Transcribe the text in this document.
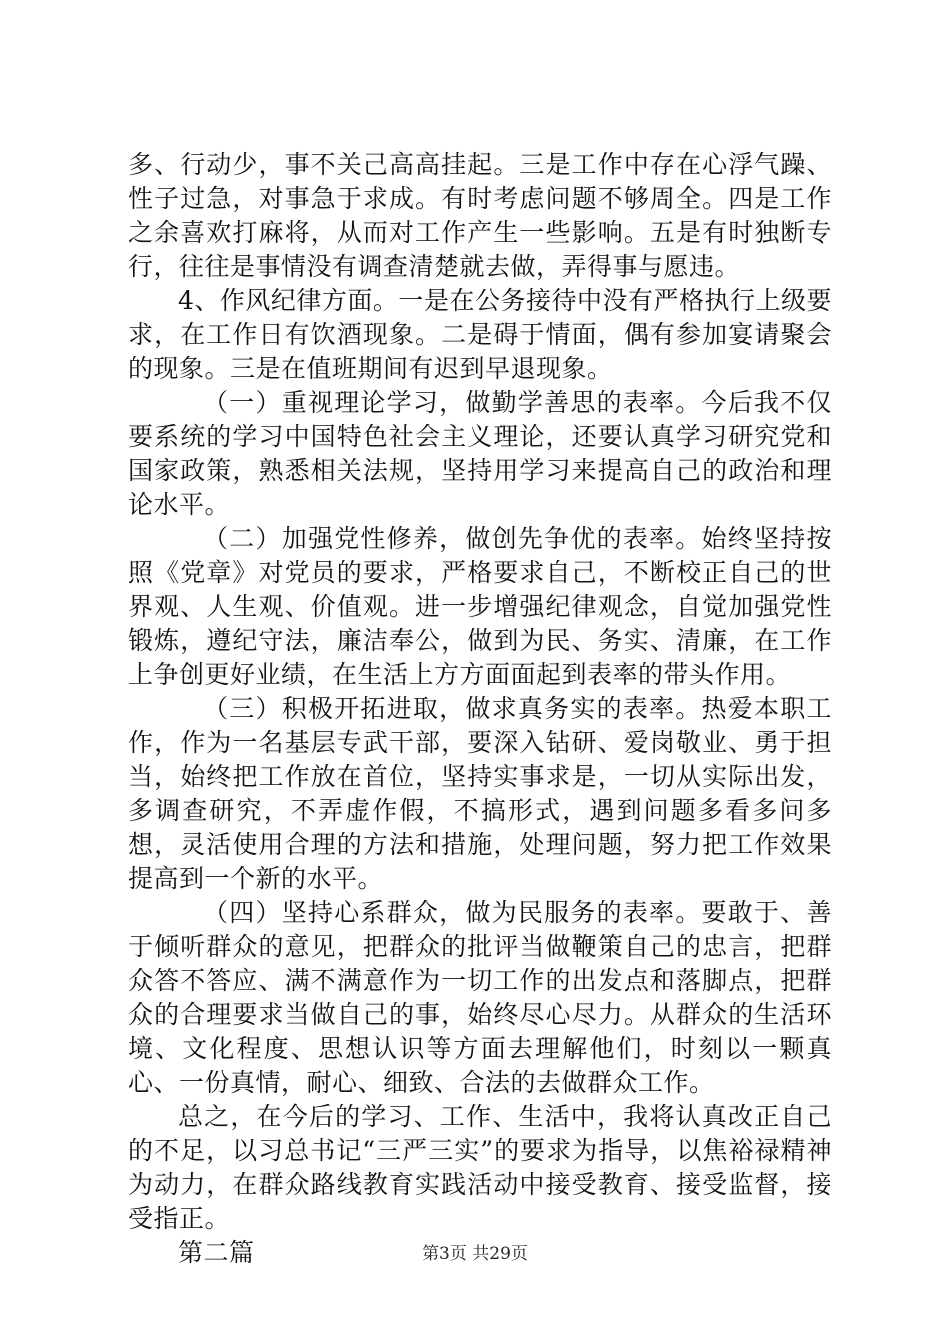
多、行动少，事不关己高高挂起。三是工作中存在心浮气躁、性子过急，对事急于求成。有时考虑问题不够周全。四是工作之余喜欢打麻将，从而对工作产生一些影响。五是有时独断专行，往往是事情没有调查清楚就去做，弄得事与愿违。

4、作风纪律方面。一是在公务接待中没有严格执行上级要求，在工作日有饮酒现象。二是碍于情面，偶有参加宴请聚会的现象。三是在值班期间有迟到早退现象。

（一）重视理论学习，做勤学善思的表率。今后我不仅要系统的学习中国特色社会主义理论，还要认真学习研究党和国家政策，熟悉相关法规，坚持用学习来提高自己的政治和理论水平。

（二）加强党性修养，做创先争优的表率。始终坚持按照《党章》对党员的要求，严格要求自己，不断校正自己的世界观、人生观、价值观。进一步增强纪律观念，自觉加强党性锻炼，遵纪守法，廉洁奉公，做到为民、务实、清廉，在工作上争创更好业绩，在生活上方方面面起到表率的带头作用。

（三）积极开拓进取，做求真务实的表率。热爱本职工作，作为一名基层专武干部，要深入钻研、爱岗敬业、勇于担当，始终把工作放在首位，坚持实事求是，一切从实际出发，多调查研究，不弄虚作假，不搞形式，遇到问题多看多问多想，灵活使用合理的方法和措施，处理问题，努力把工作效果提高到一个新的水平。

（四）坚持心系群众，做为民服务的表率。要敢于、善于倾听群众的意见，把群众的批评当做鞭策自己的忠言，把群众答不答应、满不满意作为一切工作的出发点和落脚点，把群众的合理要求当做自己的事，始终尽心尽力。从群众的生活环境、文化程度、思想认识等方面去理解他们，时刻以一颗真心、一份真情，耐心、细致、合法的去做群众工作。

总之，在今后的学习、工作、生活中，我将认真改正自己的不足，以习总书记“三严三实”的要求为指导，以焦裕禄精神为动力，在群众路线教育实践活动中接受教育、接受监督，接受指正。

第二篇	第3页 共29页
